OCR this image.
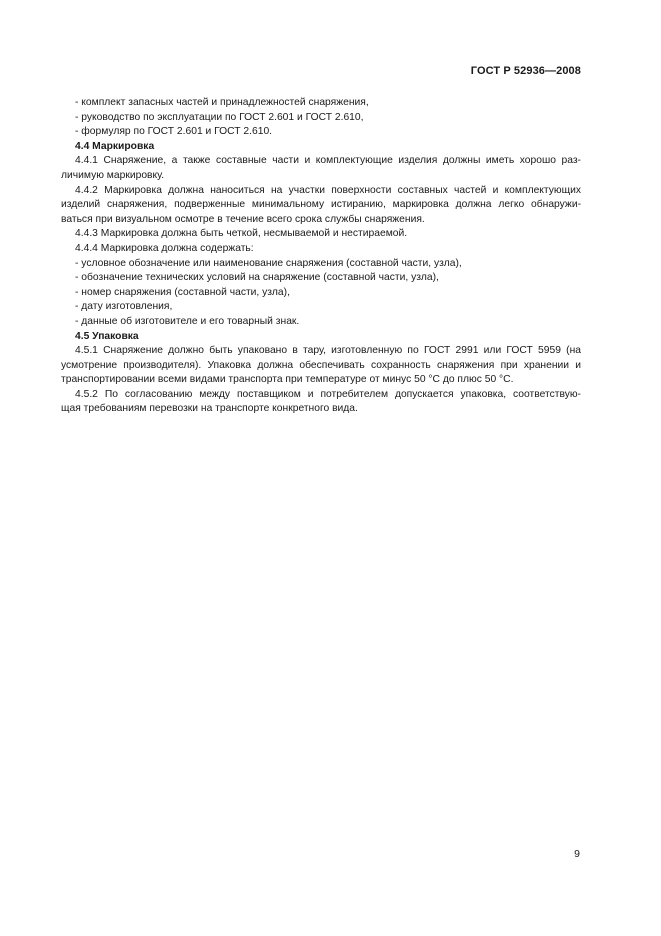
ГОСТ Р 52936—2008
- комплект запасных частей и принадлежностей снаряжения,
- руководство по эксплуатации по ГОСТ 2.601 и ГОСТ 2.610,
- формуляр по ГОСТ 2.601 и ГОСТ 2.610.
4.4 Маркировка
4.4.1 Снаряжение, а также составные части и комплектующие изделия должны иметь хорошо раз-
личимую маркировку.
4.4.2 Маркировка должна наноситься на участки поверхности составных частей и комплектующих
изделий снаряжения, подверженные минимальному истиранию, маркировка должна легко обнаружи-
ваться при визуальном осмотре в течение всего срока службы снаряжения.
4.4.3 Маркировка должна быть четкой, несмываемой и нестираемой.
4.4.4 Маркировка должна содержать:
- условное обозначение или наименование снаряжения (составной части, узла),
- обозначение технических условий на снаряжение (составной части, узла),
- номер снаряжения (составной части, узла),
- дату изготовления,
- данные об изготовителе и его товарный знак.
4.5 Упаковка
4.5.1 Снаряжение должно быть упаковано в тару, изготовленную по ГОСТ 2991 или ГОСТ 5959 (на
усмотрение производителя). Упаковка должна обеспечивать сохранность снаряжения при хранении и
транспортировании всеми видами транспорта при температуре от минус 50 °С до плюс 50 °С.
4.5.2 По согласованию между поставщиком и потребителем допускается упаковка, соответствую-
щая требованиям перевозки на транспорте конкретного вида.
9
